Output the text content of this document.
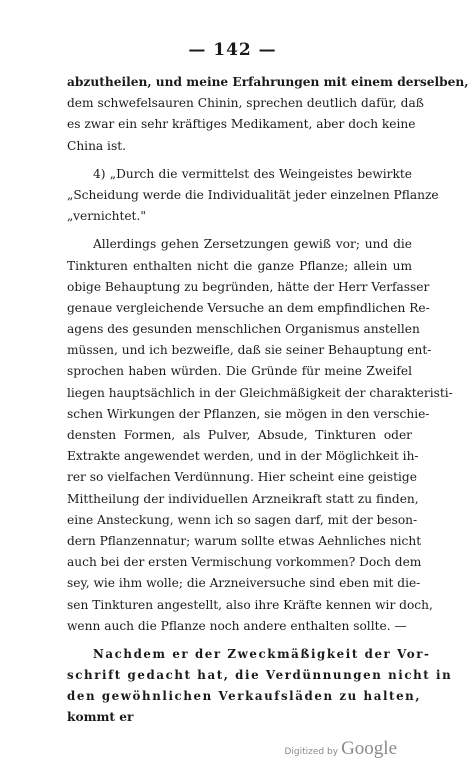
— 142 —
abzutheilen, und meine Erfahrungen mit einem derselben,
dem schwefelsauren Chinin, sprechen deutlich dafür, daß
es zwar ein sehr kräftiges Medikament, aber doch keine
China ist.
4) „Durch die vermittelst des Weingeistes bewirkte
„Scheidung werde die Individualität jeder einzelnen Pflanze
„vernichtet."
Allerdings gehen Zersetzungen gewiß vor; und die
Tinkturen enthalten nicht die ganze Pflanze; allein um
obige Behauptung zu begründen, hätte der Herr Verfasser
genaue vergleichende Versuche an dem empfindlichen Re-
agens des gesunden menschlichen Organismus anstellen
müssen, und ich bezweifle, daß sie seiner Behauptung ent-
sprochen haben würden. Die Gründe für meine Zweifel
liegen hauptsächlich in der Gleichmäßigkeit der charakteristi-
schen Wirkungen der Pflanzen, sie mögen in den verschie-
densten Formen, als Pulver, Absude, Tinkturen oder
Extrakte angewendet werden, und in der Möglichkeit ih-
rer so vielfachen Verdünnung. Hier scheint eine geistige
Mittheilung der individuellen Arzneikraft statt zu finden,
eine Ansteckung, wenn ich so sagen darf, mit der beson-
dern Pflanzennatur; warum sollte etwas Aehnliches nicht
auch bei der ersten Vermischung vorkommen? Doch dem
sey, wie ihm wolle; die Arzneiversuche sind eben mit die-
sen Tinkturen angestellt, also ihre Kräfte kennen wir doch,
wenn auch die Pflanze noch andere enthalten sollte. —
Nachdem er der Zweckmäßigkeit der Vor-
schrift gedacht hat, die Verdünnungen nicht in
den gewöhnlichen Verkaufsläden zu halten,
kommt er
Digitized by Google
